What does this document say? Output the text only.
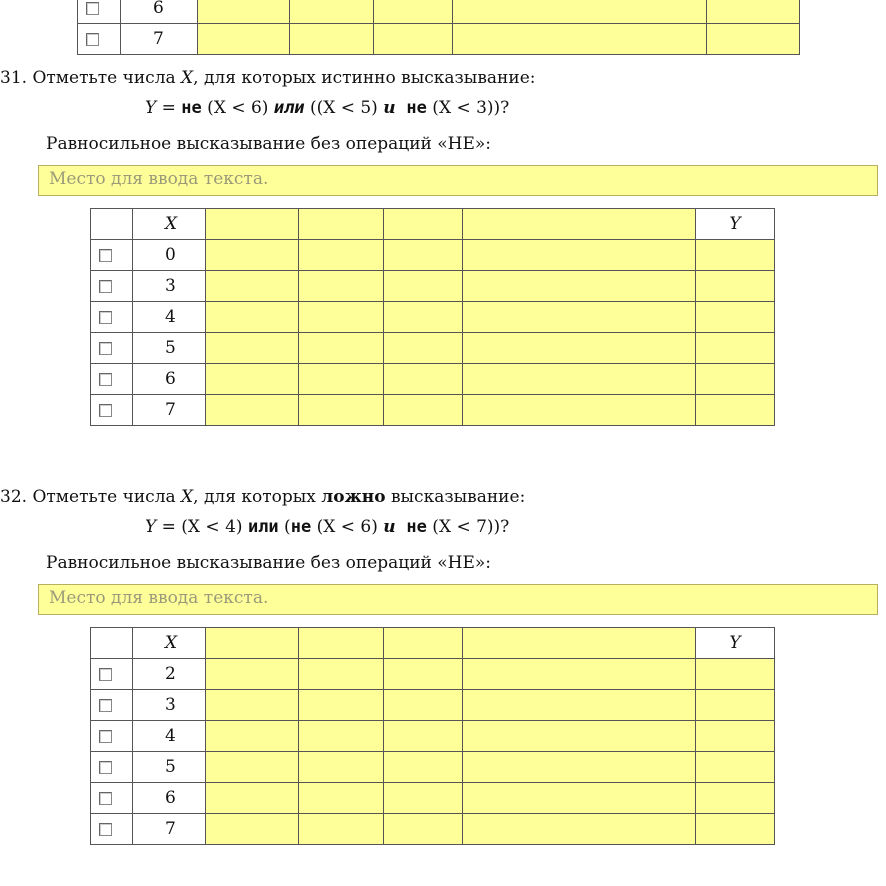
	6					
	7					
31. Отметьте числа X, для которых истинно высказывание:
Y = не (X < 6) или ((X < 5) и не (X < 3))?
Равносильное высказывание без операций «НЕ»:
Место для ввода текста.
	X					Y
	0					
	3					
	4					
	5					
	6					
	7					
32. Отметьте числа X, для которых ложно высказывание:
Y = (X < 4) или (не (X < 6) и не (X < 7))?
Равносильное высказывание без операций «НЕ»:
Место для ввода текста.
	X					Y
	2					
	3					
	4					
	5					
	6					
	7					
